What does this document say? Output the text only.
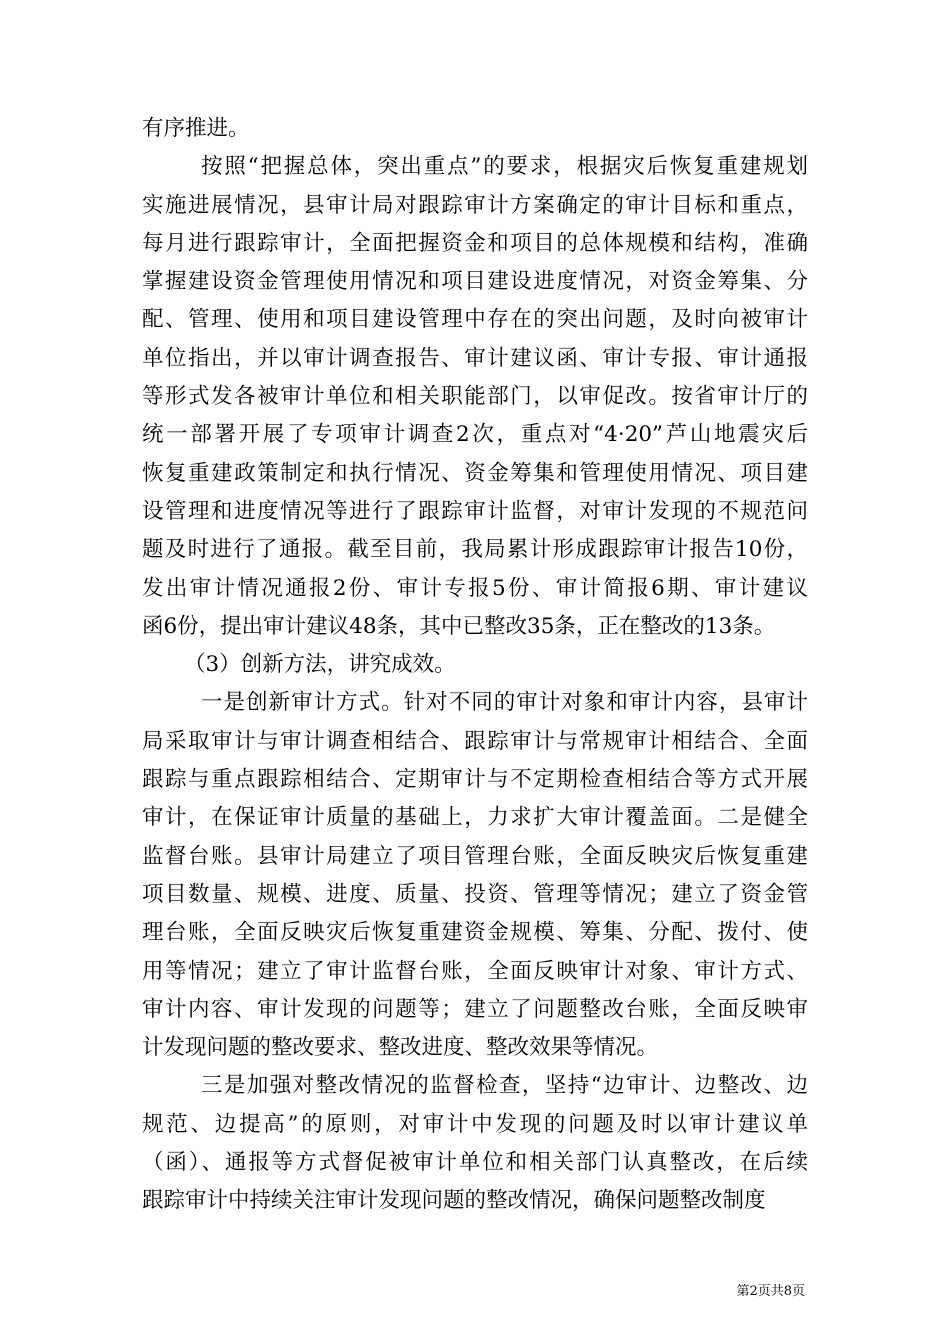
有序推进。
按照“把握总体，突出重点”的要求，根据灾后恢复重建规划
实施进展情况，县审计局对跟踪审计方案确定的审计目标和重点，
每月进行跟踪审计，全面把握资金和项目的总体规模和结构，准确
掌握建设资金管理使用情况和项目建设进度情况，对资金筹集、分
配、管理、使用和项目建设管理中存在的突出问题，及时向被审计
单位指出，并以审计调查报告、审计建议函、审计专报、审计通报
等形式发各被审计单位和相关职能部门，以审促改。按省审计厅的
统一部署开展了专项审计调查2次，重点对“4·20”芦山地震灾后
恢复重建政策制定和执行情况、资金筹集和管理使用情况、项目建
设管理和进度情况等进行了跟踪审计监督，对审计发现的不规范问
题及时进行了通报。截至目前，我局累计形成跟踪审计报告10份，
发出审计情况通报2份、审计专报5份、审计简报6期、审计建议
函6份，提出审计建议48条，其中已整改35条，正在整改的13条。
（3）创新方法，讲究成效。
一是创新审计方式。针对不同的审计对象和审计内容，县审计
局采取审计与审计调查相结合、跟踪审计与常规审计相结合、全面
跟踪与重点跟踪相结合、定期审计与不定期检查相结合等方式开展
审计，在保证审计质量的基础上，力求扩大审计覆盖面。二是健全
监督台账。县审计局建立了项目管理台账，全面反映灾后恢复重建
项目数量、规模、进度、质量、投资、管理等情况；建立了资金管
理台账，全面反映灾后恢复重建资金规模、筹集、分配、拨付、使
用等情况；建立了审计监督台账，全面反映审计对象、审计方式、
审计内容、审计发现的问题等；建立了问题整改台账，全面反映审
计发现问题的整改要求、整改进度、整改效果等情况。
三是加强对整改情况的监督检查，坚持“边审计、边整改、边
规范、边提高”的原则，对审计中发现的问题及时以审计建议单
（函）、通报等方式督促被审计单位和相关部门认真整改，在后续
跟踪审计中持续关注审计发现问题的整改情况，确保问题整改制度
第2页共8页
